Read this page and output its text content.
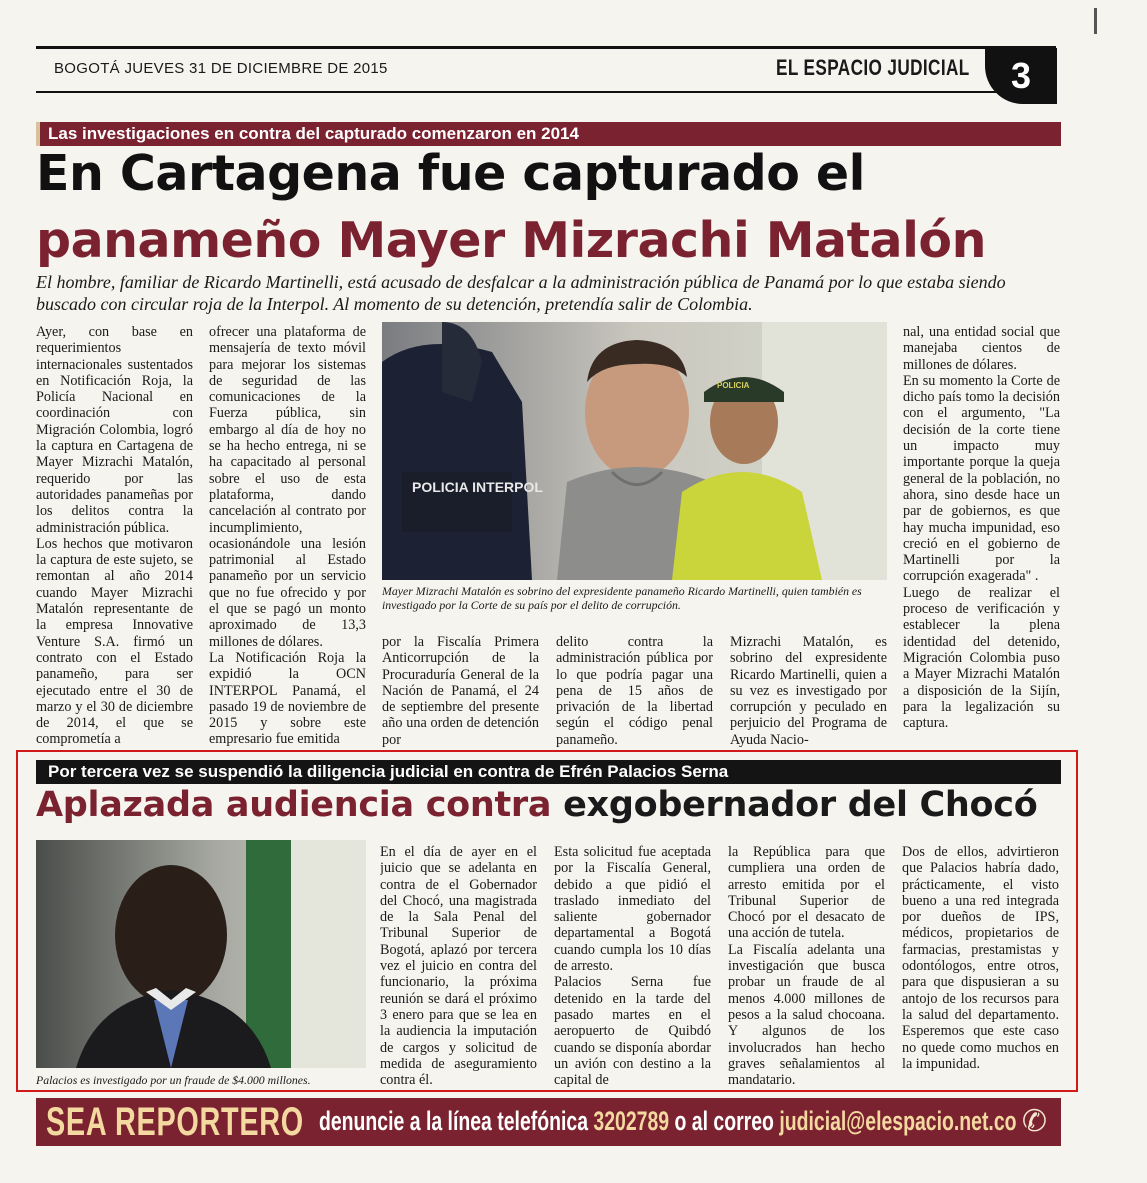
BOGOTÁ JUEVES 31 DE DICIEMBRE DE 2015	EL ESPACIO JUDICIAL	3
Las investigaciones en contra del capturado comenzaron en 2014
En Cartagena fue capturado el
panameño Mayer Mizrachi Matalón
El hombre, familiar de Ricardo Martinelli, está acusado de desfalcar a la administración pública de Panamá por lo que estaba siendo buscado con circular roja de la Interpol. Al momento de su detención, pretendía salir de Colombia.

Ayer, con base en requerimientos internacionales sustentados en Notificación Roja, la Policía Nacional en coordinación con Migración Colombia, logró la captura en Cartagena de Mayer Mizrachi Matalón, requerido por las autoridades panameñas por los delitos contra la administración pública.

Los hechos que motivaron la captura de este sujeto, se remontan al año 2014 cuando Mayer Mizrachi Matalón representante de la empresa Innovative Venture S.A. firmó un contrato con el Estado panameño, para ser ejecutado entre el 30 de marzo y el 30 de diciembre de 2014, el que se comprometía a

ofrecer una plataforma de mensajería de texto móvil para mejorar los sistemas de seguridad de las comunicaciones de la Fuerza pública, sin embargo al día de hoy no se ha hecho entrega, ni se ha capacitado al personal sobre el uso de esta plataforma, dando cancelación al contrato por incumplimiento, ocasionándole una lesión patrimonial al Estado panameño por un servicio que no fue ofrecido y por el que se pagó un monto aproximado de 13,3 millones de dólares.

La Notificación Roja la expidió la OCN INTERPOL Panamá, el pasado 19 de noviembre de 2015 y sobre este empresario fue emitida

POLICIA INTERPOL
POLICIA
Mayer Mizrachi Matalón es sobrino del expresidente panameño Ricardo Martinelli, quien también es investigado por la Corte de su país por el delito de corrupción.

por la Fiscalía Primera Anticorrupción de la Procuraduría General de la Nación de Panamá, el 24 de septiembre del presente año una orden de detención por

delito contra la administración pública por lo que podría pagar una pena de 15 años de privación de la libertad según el código penal panameño.

Mizrachi Matalón, es sobrino del expresidente Ricardo Martinelli, quien a su vez es investigado por corrupción y peculado en perjuicio del Programa de Ayuda Nacio-

nal, una entidad social que manejaba cientos de millones de dólares.

En su momento la Corte de dicho país tomo la decisión con el argumento, "La decisión de la corte tiene un impacto muy importante porque la queja general de la población, no ahora, sino desde hace un par de gobiernos, es que hay mucha impunidad, eso creció en el gobierno de Martinelli por la corrupción exagerada" .

Luego de realizar el proceso de verificación y establecer la plena identidad del detenido, Migración Colombia puso a Mayer Mizrachi Matalón a disposición de la Sijín, para la legalización su captura.

Por tercera vez se suspendió la diligencia judicial en contra de Efrén Palacios Serna
Aplazada audiencia contra exgobernador del Chocó
Palacios es investigado por un fraude de $4.000 millones.

En el día de ayer en el juicio que se adelanta en contra de el Gobernador del Chocó, una magistrada de la Sala Penal del Tribunal Superior de Bogotá, aplazó por tercera vez el juicio en contra del funcionario, la próxima reunión se dará el próximo 3 enero para que se lea en la audiencia la imputación de cargos y solicitud de medida de aseguramiento contra él.

Esta solicitud fue aceptada por la Fiscalía General, debido a que pidió el traslado inmediato del saliente gobernador departamental a Bogotá cuando cumpla los 10 días de arresto.

Palacios Serna fue detenido en la tarde del pasado martes en el aeropuerto de Quibdó cuando se disponía abordar un avión con destino a la capital de

la República para que cumpliera una orden de arresto emitida por el Tribunal Superior de Chocó por el desacato de una acción de tutela.

La Fiscalía adelanta una investigación que busca probar un fraude de al menos 4.000 millones de pesos a la salud chocoana. Y algunos de los involucrados han hecho graves señalamientos al mandatario.

Dos de ellos, advirtieron que Palacios habría dado, prácticamente, el visto bueno a una red integrada por dueños de IPS, médicos, propietarios de farmacias, prestamistas y odontólogos, entre otros, para que dispusieran a su antojo de los recursos para la salud del departamento. Esperemos que este caso no quede como muchos en la impunidad.

SEA REPORTERO denuncie a la línea telefónica 3202789 o al correo judicial@elespacio.net.co ✆
